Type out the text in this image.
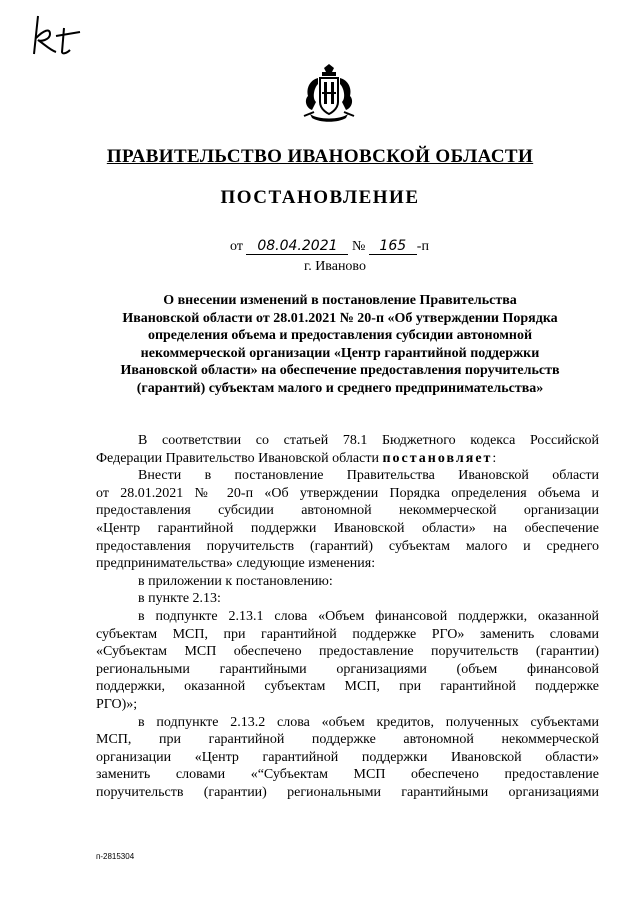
ПРАВИТЕЛЬСТВО ИВАНОВСКОЙ ОБЛАСТИ
ПОСТАНОВЛЕНИЕ
от 08.04.2021 № 165 -п
г. Иваново
О внесении изменений в постановление Правительства
Ивановской области от 28.01.2021 № 20-п «Об утверждении Порядка
определения объема и предоставления субсидии автономной
некоммерческой организации «Центр гарантийной поддержки
Ивановской области» на обеспечение предоставления поручительств
(гарантий) субъектам малого и среднего предпринимательства»
В соответствии со статьей 78.1 Бюджетного кодекса Российской
Федерации Правительство Ивановской области постановляет:
Внести в постановление Правительства Ивановской области
от 28.01.2021 № 20-п «Об утверждении Порядка определения объема и
предоставления субсидии автономной некоммерческой организации
«Центр гарантийной поддержки Ивановской области» на обеспечение
предоставления поручительств (гарантий) субъектам малого и среднего
предпринимательства» следующие изменения:
в приложении к постановлению:
в пункте 2.13:
в подпункте 2.13.1 слова «Объем финансовой поддержки, оказанной
субъектам МСП, при гарантийной поддержке РГО» заменить словами
«Субъектам МСП обеспечено предоставление поручительств (гарантии)
региональными гарантийными организациями (объем финансовой
поддержки, оказанной субъектам МСП, при гарантийной поддержке
РГО)»;
в подпункте 2.13.2 слова «объем кредитов, полученных субъектами
МСП, при гарантийной поддержке автономной некоммерческой
организации «Центр гарантийной поддержки Ивановской области»
заменить словами «“Субъектам МСП обеспечено предоставление
поручительств (гарантии) региональными гарантийными организациями
п-2815304
